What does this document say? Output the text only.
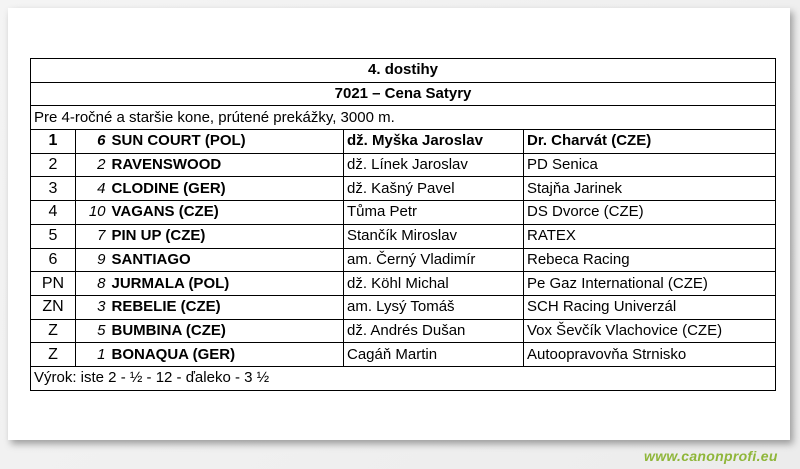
4. dostihy				
7021 – Cena Satyry				
Pre 4-ročné a staršie kone, prútené prekážky, 3000 m.				
1	6	SUN COURT (POL)	dž. Myška Jaroslav	Dr. Charvát (CZE)
2	2	RAVENSWOOD	dž. Línek Jaroslav	PD Senica
3	4	CLODINE (GER)	dž. Kašný Pavel	Stajňa Jarinek
4	10	VAGANS (CZE)	Tůma Petr	DS Dvorce (CZE)
5	7	PIN UP (CZE)	Stančík Miroslav	RATEX
6	9	SANTIAGO	am. Černý Vladimír	Rebeca Racing
PN	8	JURMALA (POL)	dž. Köhl Michal	Pe Gaz International (CZE)
ZN	3	REBELIE (CZE)	am. Lysý Tomáš	SCH Racing Univerzál
Z	5	BUMBINA (CZE)	dž. Andrés Dušan	Vox Ševčík Vlachovice (CZE)
Z	1	BONAQUA (GER)	Cagáň Martin	Autoopravovňa Strnisko
Výrok: iste 2 - ½ - 12 - ďaleko - 3 ½				
www.canonprofi.eu
